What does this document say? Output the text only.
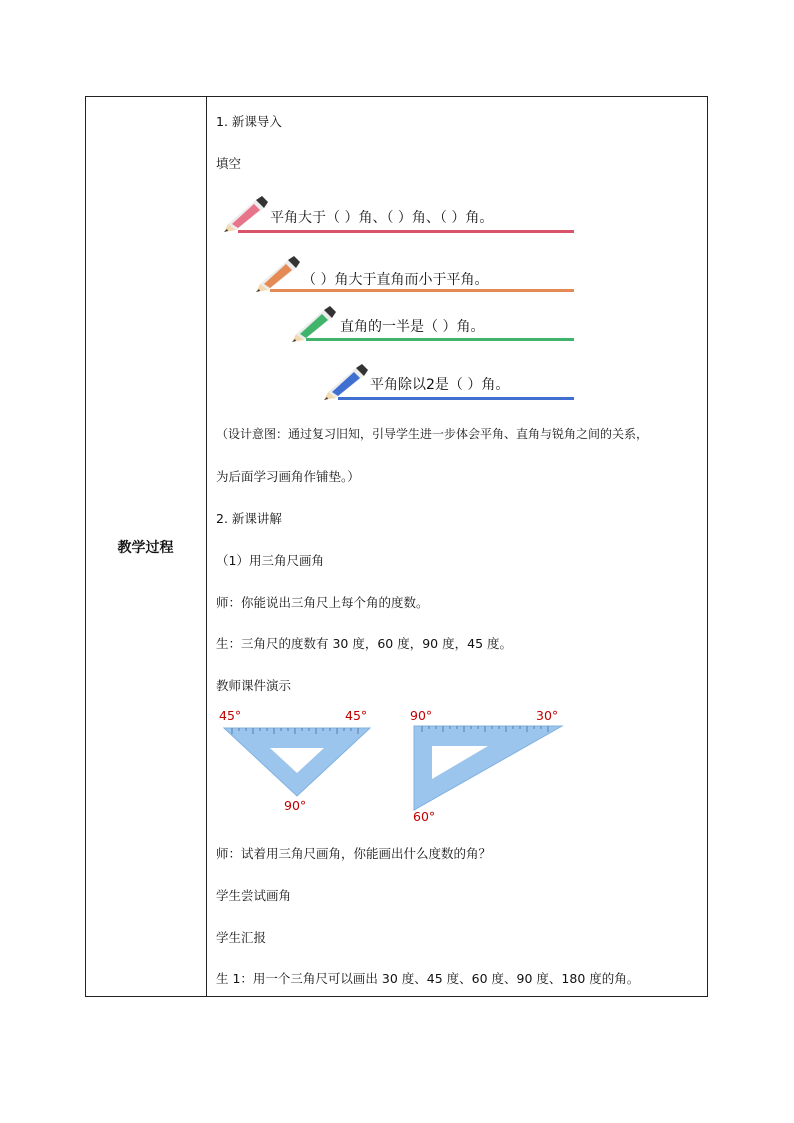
教学过程
1. 新课导入
填空
平角大于（ ）角、（ ）角、（ ）角。
（ ）角大于直角而小于平角。
直角的一半是（ ）角。
平角除以2是（ ）角。
（设计意图：通过复习旧知，引导学生进一步体会平角、直角与锐角之间的关系，
为后面学习画角作铺垫。）
2. 新课讲解
（1）用三角尺画角
师：你能说出三角尺上每个角的度数。
生：三角尺的度数有 30 度，60 度，90 度，45 度。
教师课件演示
45°	45°
90°
90°	30°
60°
师：试着用三角尺画角，你能画出什么度数的角？
学生尝试画角
学生汇报
生 1：用一个三角尺可以画出 30 度、45 度、60 度、90 度、180 度的角。
